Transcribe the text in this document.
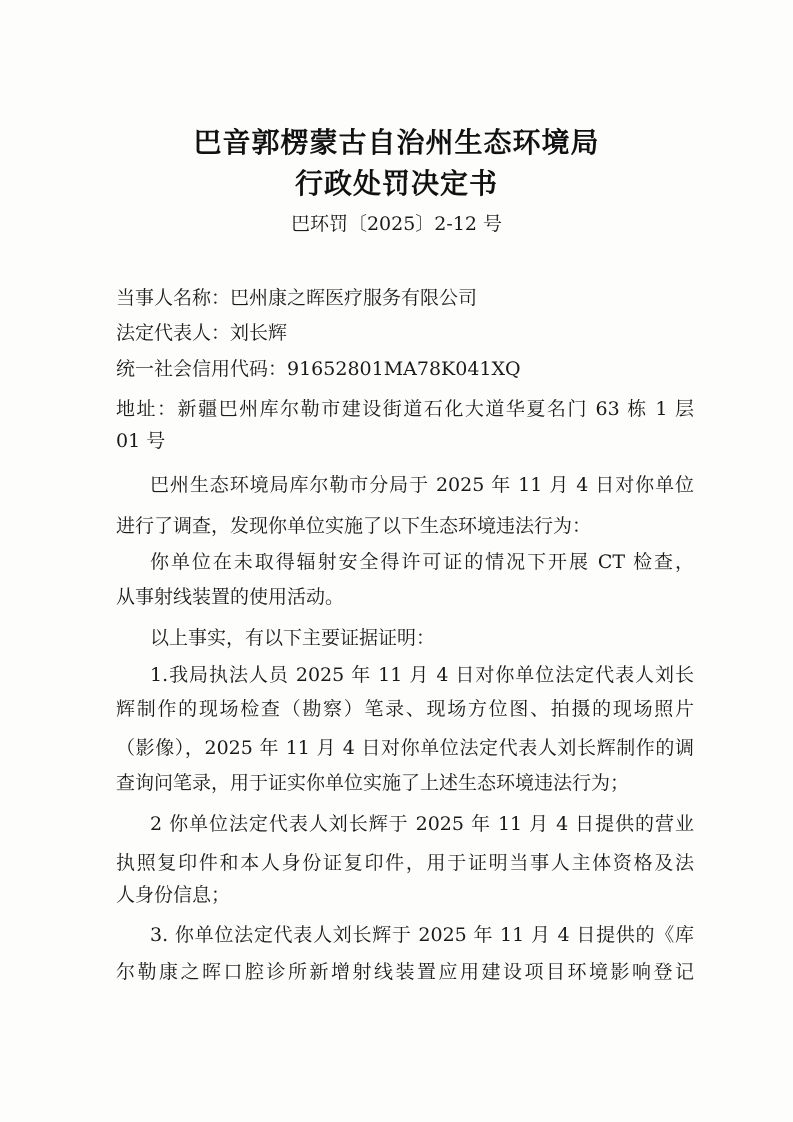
巴音郭楞蒙古自治州生态环境局
行政处罚决定书
巴环罚〔2025〕2-12 号
当事人名称：巴州康之晖医疗服务有限公司
法定代表人：刘长辉
统一社会信用代码：91652801MA78K041XQ
地址：新疆巴州库尔勒市建设街道石化大道华夏名门 63 栋 1 层
01 号
巴州生态环境局库尔勒市分局于 2025 年 11 月 4 日对你单位
进行了调查，发现你单位实施了以下生态环境违法行为：
你单位在未取得辐射安全得许可证的情况下开展 CT 检查，
从事射线装置的使用活动。
以上事实，有以下主要证据证明：
1.我局执法人员 2025 年 11 月 4 日对你单位法定代表人刘长
辉制作的现场检查（勘察）笔录、现场方位图、拍摄的现场照片
（影像），2025 年 11 月 4 日对你单位法定代表人刘长辉制作的调
查询问笔录，用于证实你单位实施了上述生态环境违法行为；
2 你单位法定代表人刘长辉于 2025 年 11 月 4 日提供的营业
执照复印件和本人身份证复印件，用于证明当事人主体资格及法
人身份信息；
3. 你单位法定代表人刘长辉于 2025 年 11 月 4 日提供的《库
尔勒康之晖口腔诊所新增射线装置应用建设项目环境影响登记
